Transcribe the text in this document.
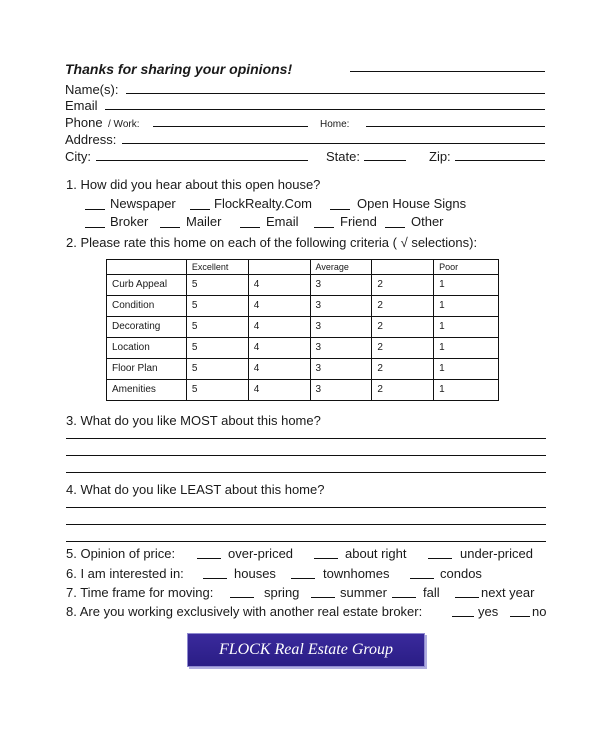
Thanks for sharing your opinions!
Name(s):
Email
Phone / Work:	Home:
Address:
City:	State:	Zip:
1. How did you hear about this open house?
Newspaper	FlockRealty.Com	Open House Signs
Broker	Mailer	Email	Friend	Other
2. Please rate this home on each of the following criteria ( √ selections):
	Excellent		Average		Poor
Curb Appeal	5	4	3	2	1
Condition	5	4	3	2	1
Decorating	5	4	3	2	1
Location	5	4	3	2	1
Floor Plan	5	4	3	2	1
Amenities	5	4	3	2	1
3. What do you like MOST about this home?
4. What do you like LEAST about this home?
5. Opinion of price:	over-priced	about right	under-priced
6. I am interested in:	houses	townhomes	condos
7. Time frame for moving:	spring	summer	fall	next year
8. Are you working exclusively with another real estate broker:	yes	no
FLOCK Real Estate Group
